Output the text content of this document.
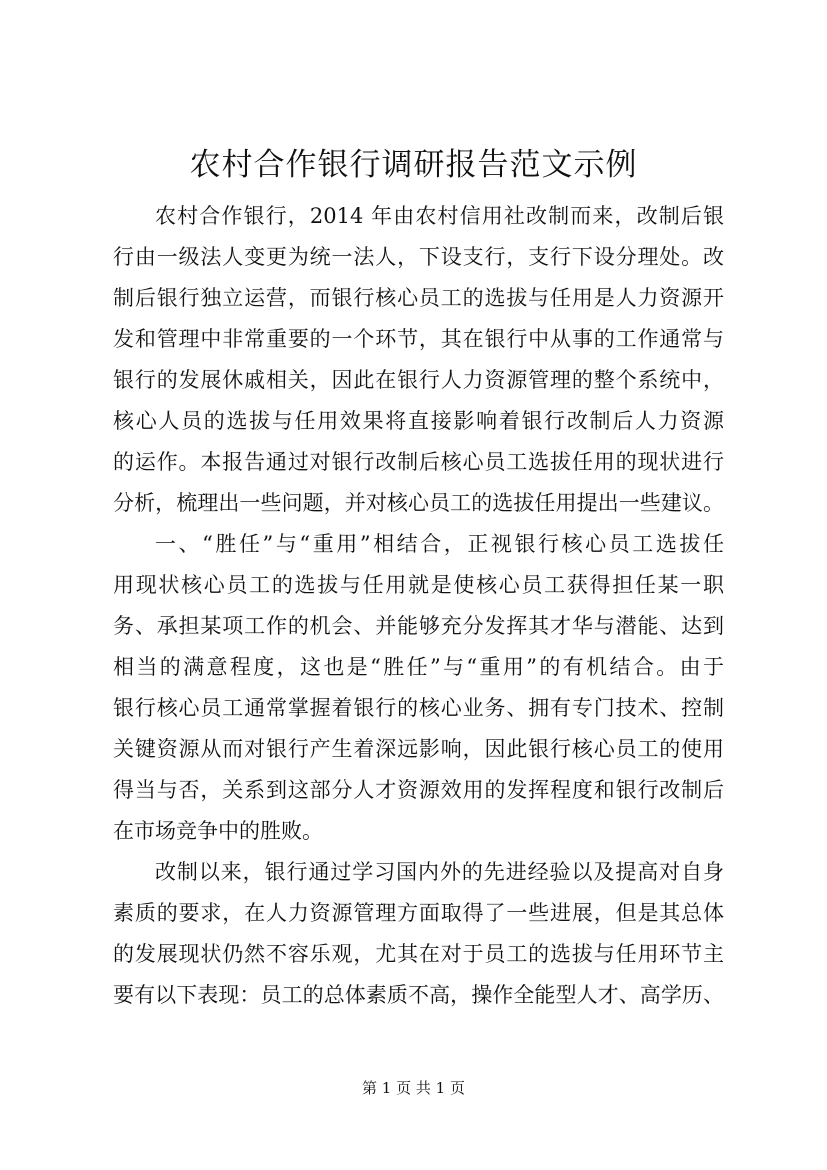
农村合作银行调研报告范文示例

农村合作银行，2014 年由农村信用社改制而来，改制后银
行由一级法人变更为统一法人，下设支行，支行下设分理处。改
制后银行独立运营，而银行核心员工的选拔与任用是人力资源开
发和管理中非常重要的一个环节，其在银行中从事的工作通常与
银行的发展休戚相关，因此在银行人力资源管理的整个系统中，
核心人员的选拔与任用效果将直接影响着银行改制后人力资源
的运作。本报告通过对银行改制后核心员工选拔任用的现状进行
分析，梳理出一些问题，并对核心员工的选拔任用提出一些建议。

一、“胜任”与“重用”相结合，正视银行核心员工选拔任
用现状核心员工的选拔与任用就是使核心员工获得担任某一职
务、承担某项工作的机会、并能够充分发挥其才华与潜能、达到
相当的满意程度，这也是“胜任”与“重用”的有机结合。由于
银行核心员工通常掌握着银行的核心业务、拥有专门技术、控制
关键资源从而对银行产生着深远影响，因此银行核心员工的使用
得当与否，关系到这部分人才资源效用的发挥程度和银行改制后
在市场竞争中的胜败。

改制以来，银行通过学习国内外的先进经验以及提高对自身
素质的要求，在人力资源管理方面取得了一些进展，但是其总体
的发展现状仍然不容乐观，尤其在对于员工的选拔与任用环节主
要有以下表现：员工的总体素质不高，操作全能型人才、高学历、

第 1 页 共 1 页
